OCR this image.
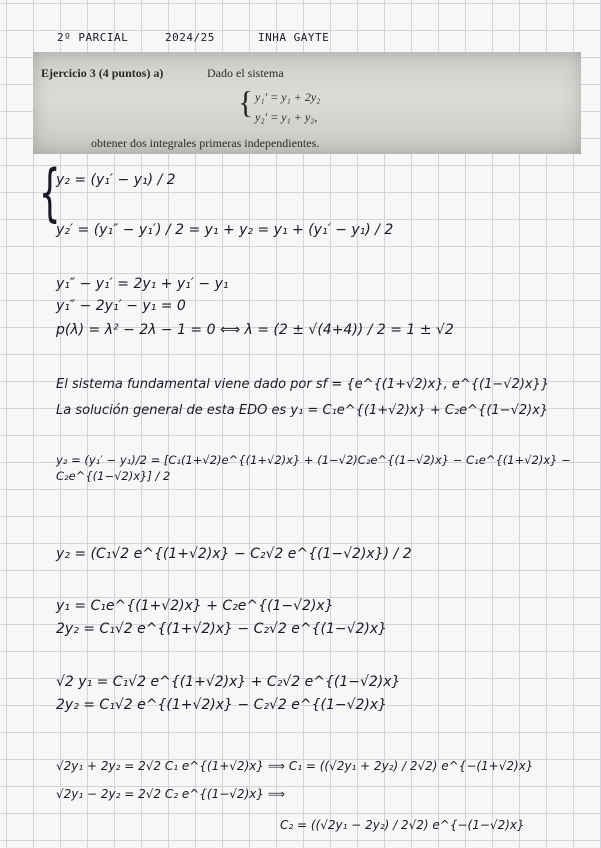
2º PARCIAL	2024/25	INHA GAYTE
Ejercicio 3 (4 puntos) a)	Dado el sistema
{ y₁′ = y₁ + 2y₂
y₂′ = y₁ + y₂,
obtener dos integrales primeras independientes.
{
y₂ = (y₁′ − y₁) / 2
y₂′ = (y₁″ − y₁′) / 2 = y₁ + y₂ = y₁ + (y₁′ − y₁) / 2
y₁″ − y₁′ = 2y₁ + y₁′ − y₁
y₁″ − 2y₁′ − y₁ = 0
p(λ) = λ² − 2λ − 1 = 0 ⟺ λ = (2 ± √(4+4)) / 2 = 1 ± √2
El sistema fundamental viene dado por sf = {e^{(1+√2)x}, e^{(1−√2)x}}
La solución general de esta EDO es y₁ = C₁e^{(1+√2)x} + C₂e^{(1−√2)x}
y₂ = (y₁′ − y₁)/2 = [C₁(1+√2)e^{(1+√2)x} + (1−√2)C₂e^{(1−√2)x} − C₁e^{(1+√2)x} − C₂e^{(1−√2)x}] / 2
y₂ = (C₁√2 e^{(1+√2)x} − C₂√2 e^{(1−√2)x}) / 2
y₁ = C₁e^{(1+√2)x} + C₂e^{(1−√2)x}
2y₂ = C₁√2 e^{(1+√2)x} − C₂√2 e^{(1−√2)x}
√2 y₁ = C₁√2 e^{(1+√2)x} + C₂√2 e^{(1−√2)x}
2y₂ = C₁√2 e^{(1+√2)x} − C₂√2 e^{(1−√2)x}
√2y₁ + 2y₂ = 2√2 C₁ e^{(1+√2)x} ⟹ C₁ = ((√2y₁ + 2y₂) / 2√2) e^{−(1+√2)x}
√2y₁ − 2y₂ = 2√2 C₂ e^{(1−√2)x} ⟹
C₂ = ((√2y₁ − 2y₂) / 2√2) e^{−(1−√2)x}
